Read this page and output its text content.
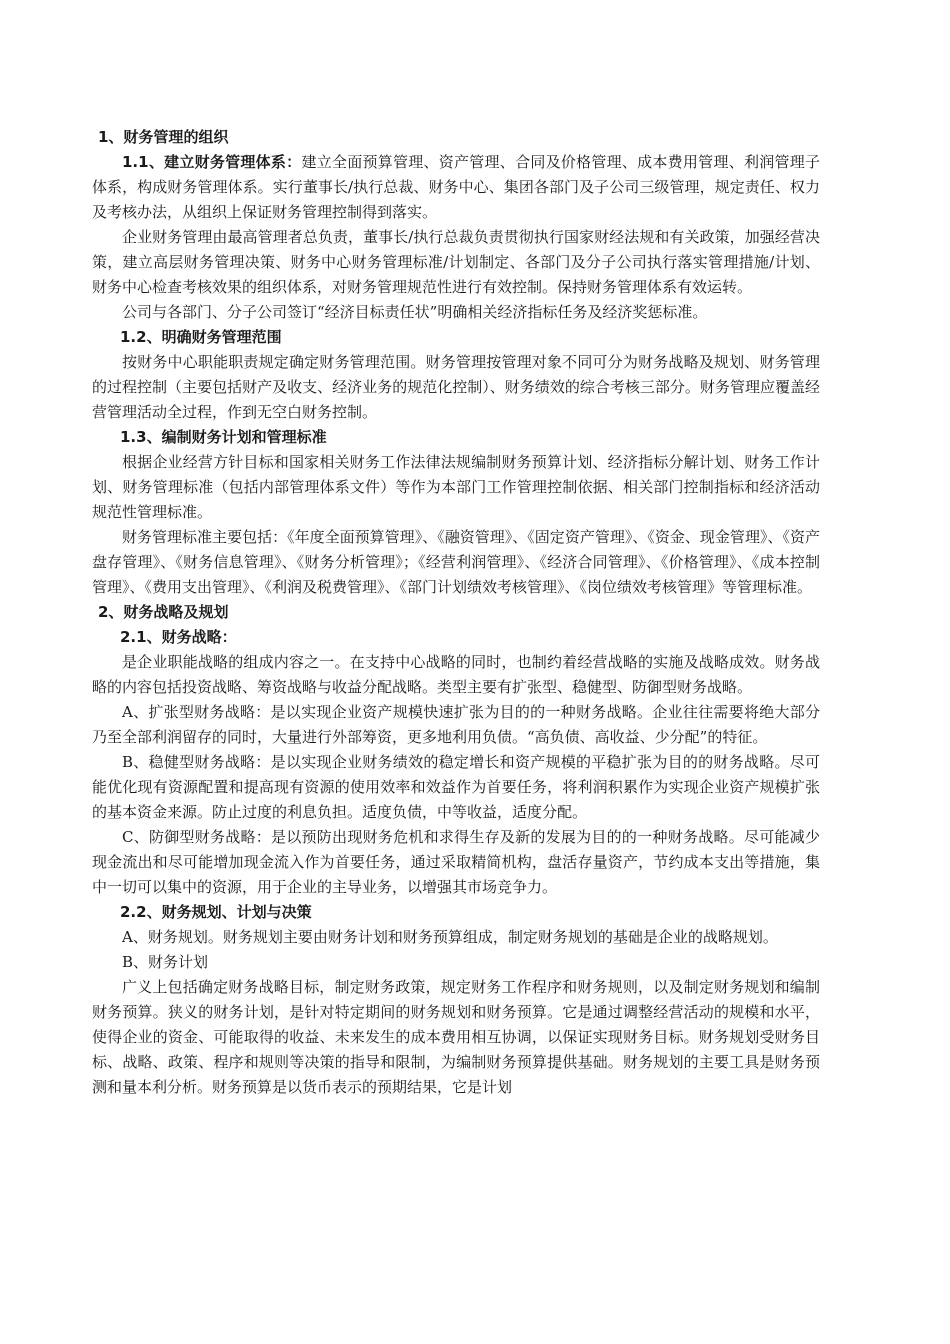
1、财务管理的组织

1.1、建立财务管理体系：建立全面预算管理、资产管理、合同及价格管理、成本费用管理、利润管理子体系，构成财务管理体系。实行董事长/执行总裁、财务中心、集团各部门及子公司三级管理，规定责任、权力及考核办法，从组织上保证财务管理控制得到落实。

企业财务管理由最高管理者总负责，董事长/执行总裁负责贯彻执行国家财经法规和有关政策，加强经营决策，建立高层财务管理决策、财务中心财务管理标准/计划制定、各部门及分子公司执行落实管理措施/计划、财务中心检查考核效果的组织体系，对财务管理规范性进行有效控制。保持财务管理体系有效运转。

公司与各部门、分子公司签订“经济目标责任状”明确相关经济指标任务及经济奖惩标准。

1.2、明确财务管理范围

按财务中心职能职责规定确定财务管理范围。财务管理按管理对象不同可分为财务战略及规划、财务管理的过程控制（主要包括财产及收支、经济业务的规范化控制）、财务绩效的综合考核三部分。财务管理应覆盖经营管理活动全过程，作到无空白财务控制。

1.3、编制财务计划和管理标准

根据企业经营方针目标和国家相关财务工作法律法规编制财务预算计划、经济指标分解计划、财务工作计划、财务管理标准（包括内部管理体系文件）等作为本部门工作管理控制依据、相关部门控制指标和经济活动规范性管理标准。

财务管理标准主要包括：《年度全面预算管理》、《融资管理》、《固定资产管理》、《资金、现金管理》、《资产盘存管理》、《财务信息管理》、《财务分析管理》；《经营利润管理》、《经济合同管理》、《价格管理》、《成本控制管理》、《费用支出管理》、《利润及税费管理》、《部门计划绩效考核管理》、《岗位绩效考核管理》等管理标准。

2、财务战略及规划

2.1、财务战略：

是企业职能战略的组成内容之一。在支持中心战略的同时，也制约着经营战略的实施及战略成效。财务战略的内容包括投资战略、筹资战略与收益分配战略。类型主要有扩张型、稳健型、防御型财务战略。

A、扩张型财务战略：是以实现企业资产规模快速扩张为目的的一种财务战略。企业往往需要将绝大部分乃至全部利润留存的同时，大量进行外部筹资，更多地利用负债。“高负债、高收益、少分配”的特征。

B、稳健型财务战略：是以实现企业财务绩效的稳定增长和资产规模的平稳扩张为目的的财务战略。尽可能优化现有资源配置和提高现有资源的使用效率和效益作为首要任务，将利润积累作为实现企业资产规模扩张的基本资金来源。防止过度的利息负担。适度负债，中等收益，适度分配。

C、防御型财务战略：是以预防出现财务危机和求得生存及新的发展为目的的一种财务战略。尽可能减少现金流出和尽可能增加现金流入作为首要任务，通过采取精简机构，盘活存量资产，节约成本支出等措施，集中一切可以集中的资源，用于企业的主导业务，以增强其市场竞争力。

2.2、财务规划、计划与决策

A、财务规划。财务规划主要由财务计划和财务预算组成，制定财务规划的基础是企业的战略规划。

B、财务计划

广义上包括确定财务战略目标，制定财务政策，规定财务工作程序和财务规则，以及制定财务规划和编制财务预算。狭义的财务计划，是针对特定期间的财务规划和财务预算。它是通过调整经营活动的规模和水平，使得企业的资金、可能取得的收益、未来发生的成本费用相互协调，以保证实现财务目标。财务规划受财务目标、战略、政策、程序和规则等决策的指导和限制，为编制财务预算提供基础。财务规划的主要工具是财务预测和量本利分析。财务预算是以货币表示的预期结果，它是计划
